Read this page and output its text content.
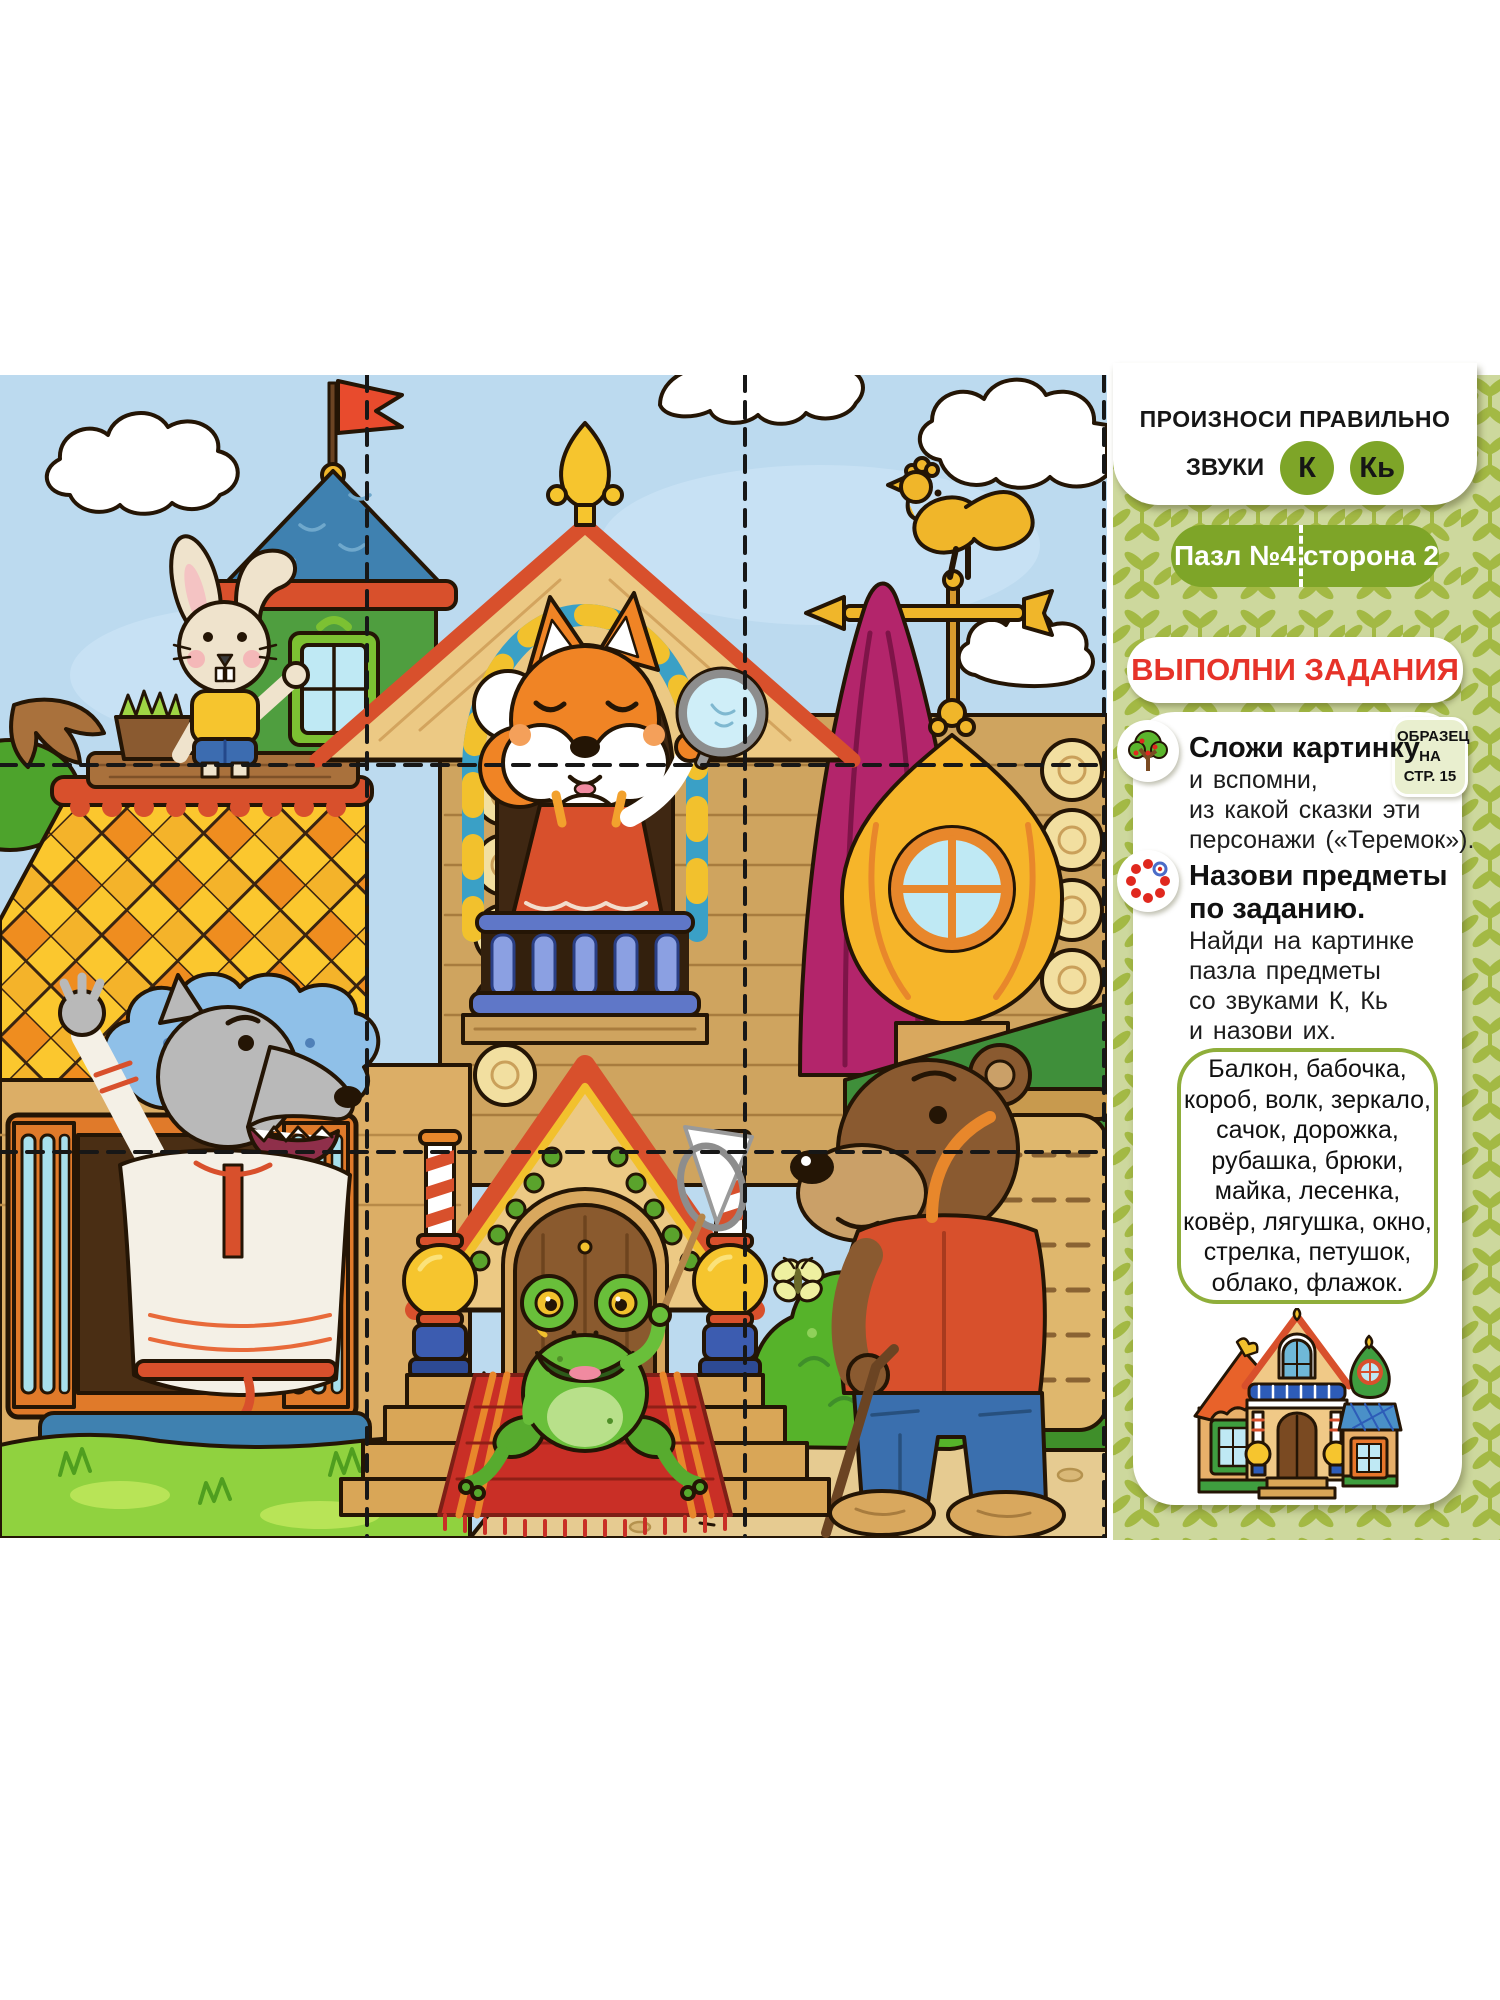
ПРОИЗНОСИ ПРАВИЛЬНО
ЗВУКИ	К	Кь
Пазл №4 сторона 2
ВЫПОЛНИ ЗАДАНИЯ
ОБРАЗЕЦ
НА
СТР. 15
Сложи картинку
и вспомни,
из какой сказки эти
персонажи («Теремок»).
Назови предметы
по заданию.
Найди на картинке
пазла предметы
со звуками К, Кь
и назови их.
Балкон, бабочка,
короб, волк, зеркало,
сачок, дорожка,
рубашка, брюки,
майка, лесенка,
ковёр, лягушка, окно,
стрелка, петушок,
облако, флажок.
